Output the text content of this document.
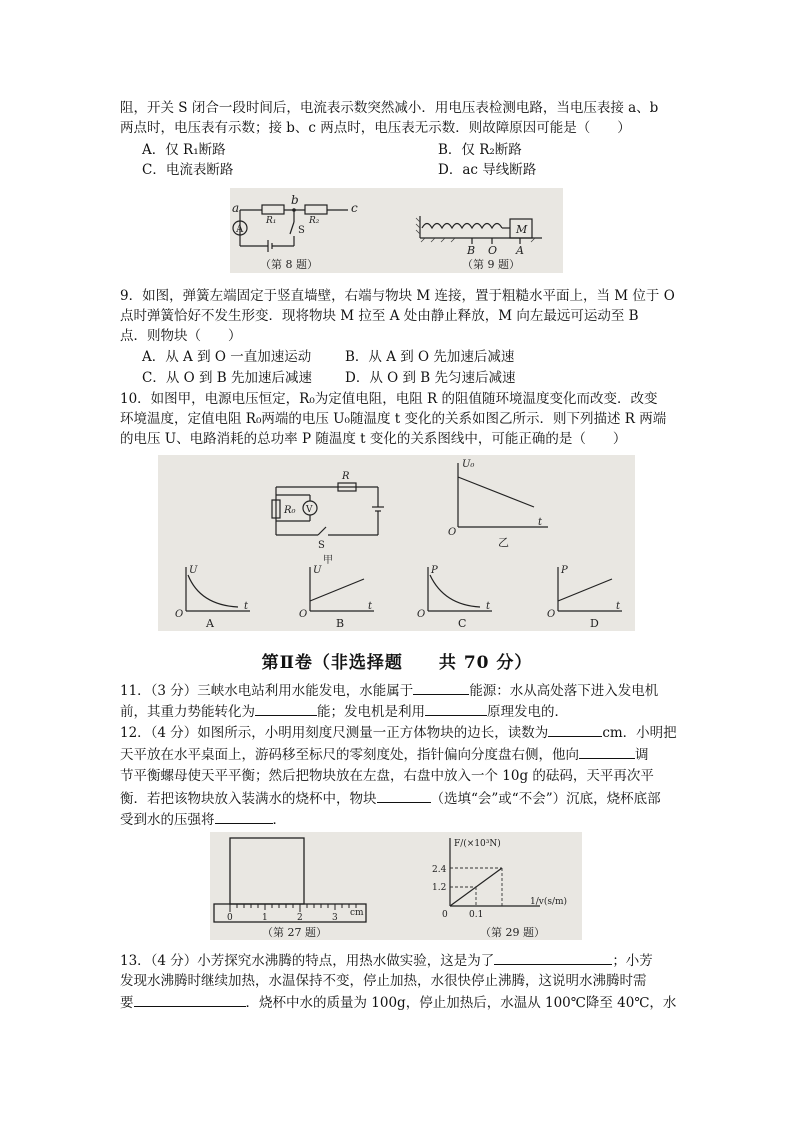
阻，开关 S 闭合一段时间后，电流表示数突然减小．用电压表检测电路，当电压表接 a、b
两点时，电压表有示数；接 b、c 两点时，电压表无示数．则故障原因可能是（　　）
A．仅 R₁断路	B．仅 R₂断路
C．电流表断路	D．ac 导线断路
a
b
c
R₁	R₂
S
A
（第 8 题）
M
B O A
（第 9 题）
9．如图，弹簧左端固定于竖直墙壁，右端与物块 M 连接，置于粗糙水平面上，当 M 位于 O
点时弹簧恰好不发生形变．现将物块 M 拉至 A 处由静止释放，M 向左最远可运动至 B
点．则物块（　　）
A．从 A 到 O 一直加速运动	B．从 A 到 O 先加速后减速
C．从 O 到 B 先加速后减速 D．从 O 到 B 先匀速后减速
10．如图甲，电源电压恒定，R₀为定值电阻，电阻 R 的阻值随环境温度变化而改变．改变
环境温度，定值电阻 R₀两端的电压 U₀随温度 t 变化的关系如图乙所示．则下列描述 R 两端
的电压 U、电路消耗的总功率 P 随温度 t 变化的关系图线中，可能正确的是（　　）
R₀ V
R
S
甲
U₀
t
O
乙
U
t
O
A
U
t
O
B
P
t
O
C
P
t
O
D
第Ⅱ卷（非选择题　　共 70 分）
11．（3 分）三峡水电站利用水能发电，水能属于	能源：水从高处落下进入发电机
前，其重力势能转化为	能；发电机是利用	原理发电的．
12．（4 分）如图所示，小明用刻度尺测量一正方体物块的边长，读数为	cm．小明把
天平放在水平桌面上，游码移至标尺的零刻度处，指针偏向分度盘右侧，他向	调
节平衡螺母使天平平衡；然后把物块放在左盘，右盘中放入一个 10g 的砝码，天平再次平
衡．若把该物块放入装满水的烧杯中，物块	（选填“会”或“不会”）沉底，烧杯底部
受到水的压强将	．
0	1	2	3 cm
（第 27 题）
F/(×10³N)
2.4
1.2
0 0.1
1/v(s/m)
（第 29 题）
13．（4 分）小芳探究水沸腾的特点，用热水做实验，这是为了	；小芳
发现水沸腾时继续加热，水温保持不变，停止加热，水很快停止沸腾，这说明水沸腾时需
要	．烧杯中水的质量为 100g，停止加热后，水温从 100℃降至 40℃，水
